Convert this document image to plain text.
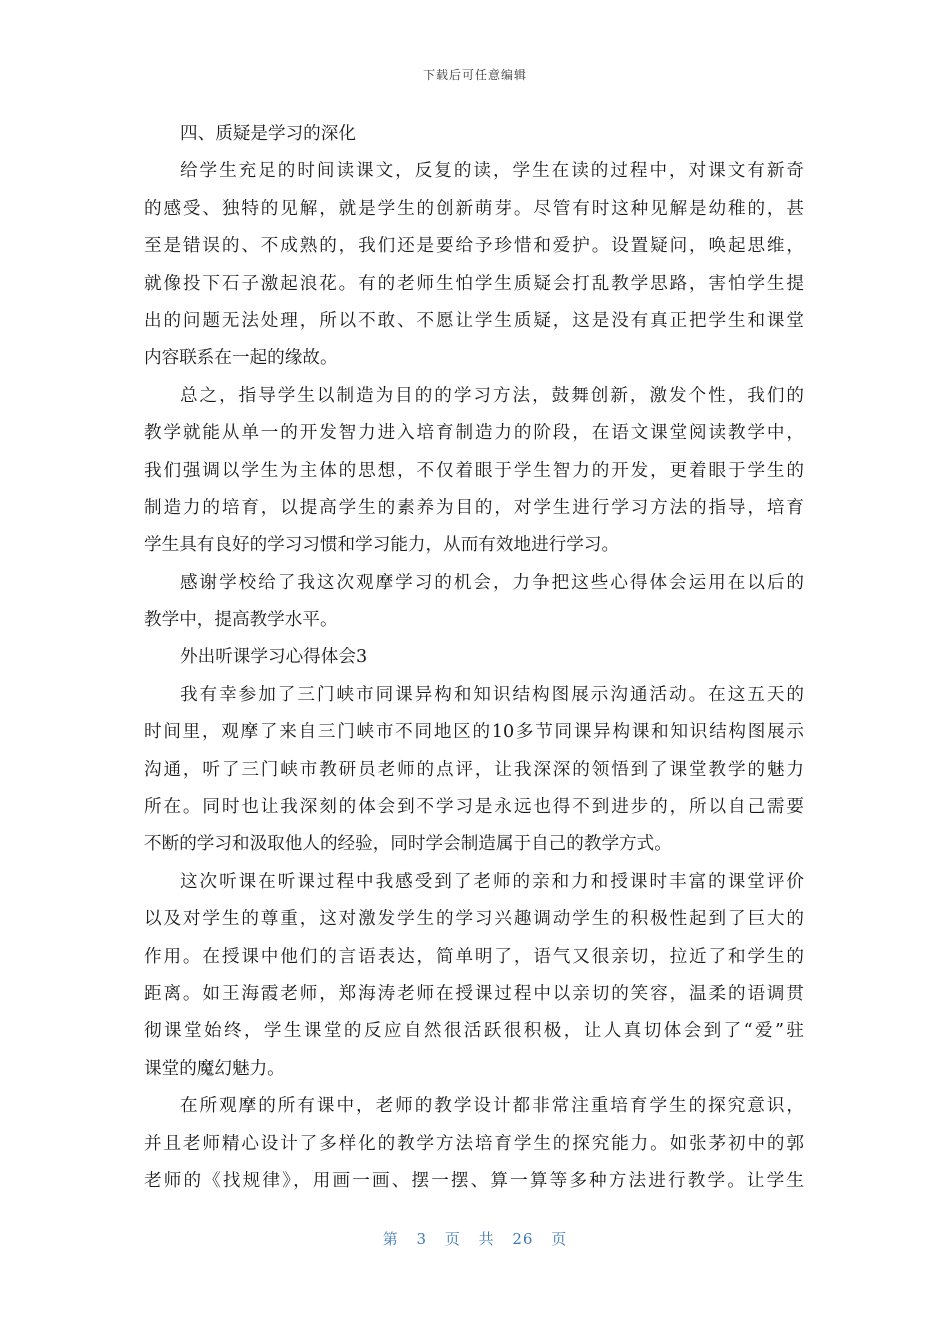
下载后可任意编辑
四、质疑是学习的深化
给学生充足的时间读课文，反复的读，学生在读的过程中，对课文有新奇
的感受、独特的见解，就是学生的创新萌芽。尽管有时这种见解是幼稚的，甚
至是错误的、不成熟的，我们还是要给予珍惜和爱护。设置疑问，唤起思维，
就像投下石子激起浪花。有的老师生怕学生质疑会打乱教学思路，害怕学生提
出的问题无法处理，所以不敢、不愿让学生质疑，这是没有真正把学生和课堂
内容联系在一起的缘故。
总之，指导学生以制造为目的的学习方法，鼓舞创新，激发个性，我们的
教学就能从单一的开发智力进入培育制造力的阶段，在语文课堂阅读教学中，
我们强调以学生为主体的思想，不仅着眼于学生智力的开发，更着眼于学生的
制造力的培育，以提高学生的素养为目的，对学生进行学习方法的指导，培育
学生具有良好的学习习惯和学习能力，从而有效地进行学习。
感谢学校给了我这次观摩学习的机会，力争把这些心得体会运用在以后的
教学中，提高教学水平。
外出听课学习心得体会3
我有幸参加了三门峡市同课异构和知识结构图展示沟通活动。在这五天的
时间里，观摩了来自三门峡市不同地区的10多节同课异构课和知识结构图展示
沟通，听了三门峡市教研员老师的点评，让我深深的领悟到了课堂教学的魅力
所在。同时也让我深刻的体会到不学习是永远也得不到进步的，所以自己需要
不断的学习和汲取他人的经验，同时学会制造属于自己的教学方式。
这次听课在听课过程中我感受到了老师的亲和力和授课时丰富的课堂评价
以及对学生的尊重，这对激发学生的学习兴趣调动学生的积极性起到了巨大的
作用。在授课中他们的言语表达，简单明了，语气又很亲切，拉近了和学生的
距离。如王海霞老师，郑海涛老师在授课过程中以亲切的笑容，温柔的语调贯
彻课堂始终，学生课堂的反应自然很活跃很积极，让人真切体会到了“爱”驻
课堂的魔幻魅力。
在所观摩的所有课中，老师的教学设计都非常注重培育学生的探究意识，
并且老师精心设计了多样化的教学方法培育学生的探究能力。如张茅初中的郭
老师的《找规律》，用画一画、摆一摆、算一算等多种方法进行教学。让学生
第 3 页 共 26 页
